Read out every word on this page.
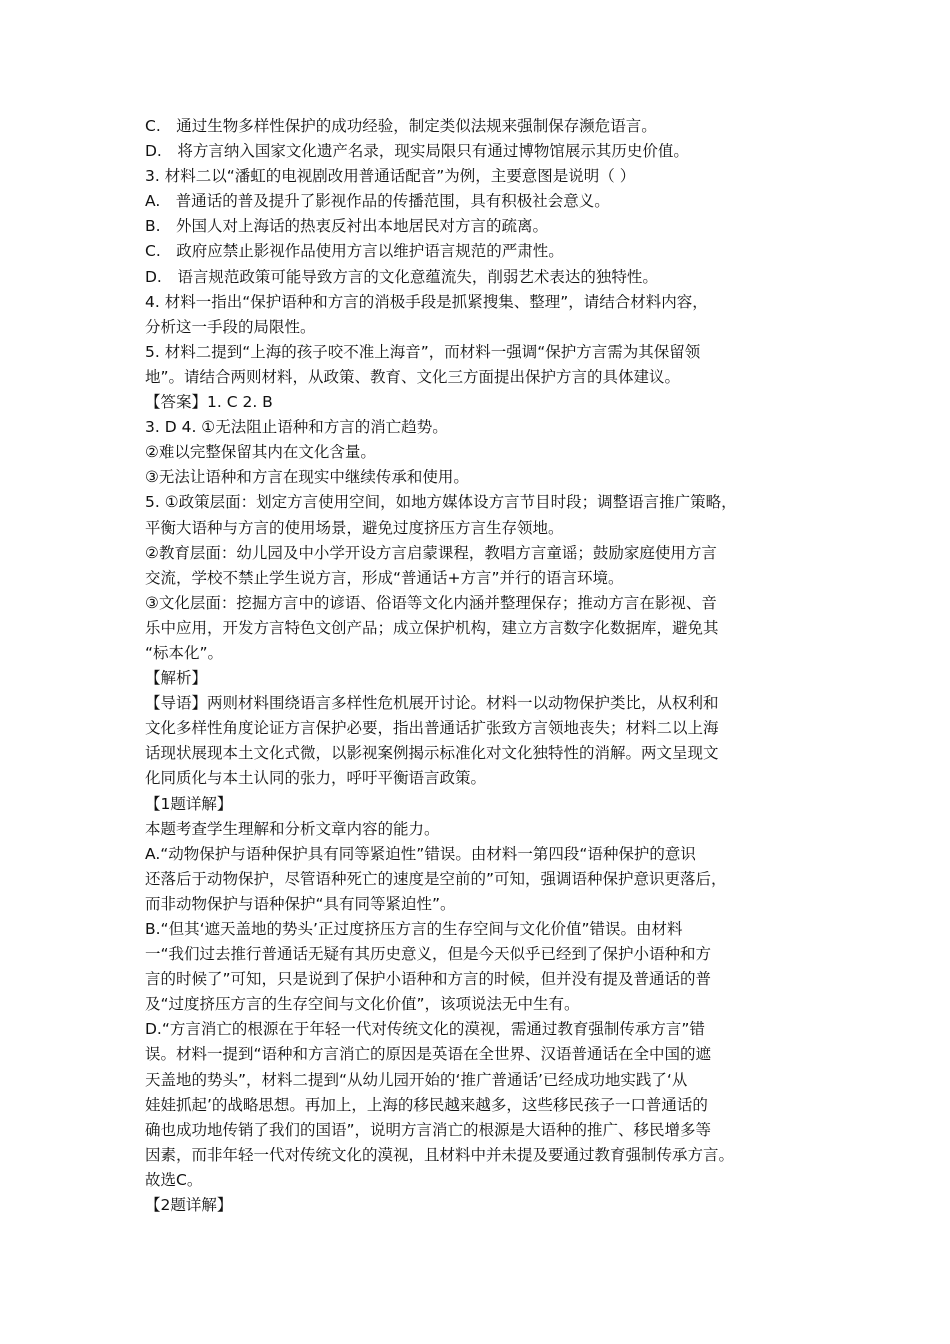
C.　通过生物多样性保护的成功经验，制定类似法规来强制保存濒危语言。
D.　将方言纳入国家文化遗产名录，现实局限只有通过博物馆展示其历史价值。
3. 材料二以“潘虹的电视剧改用普通话配音”为例，主要意图是说明（ ）
A.　普通话的普及提升了影视作品的传播范围，具有积极社会意义。
B.　外国人对上海话的热衷反衬出本地居民对方言的疏离。
C.　政府应禁止影视作品使用方言以维护语言规范的严肃性。
D.　语言规范政策可能导致方言的文化意蕴流失，削弱艺术表达的独特性。
4. 材料一指出“保护语种和方言的消极手段是抓紧搜集、整理”，请结合材料内容，
分析这一手段的局限性。
5. 材料二提到“上海的孩子咬不准上海音”，而材料一强调“保护方言需为其保留领
地”。请结合两则材料，从政策、教育、文化三方面提出保护方言的具体建议。
【答案】1. C 2. B
3. D 4. ①无法阻止语种和方言的消亡趋势。
②难以完整保留其内在文化含量。
③无法让语种和方言在现实中继续传承和使用。
5. ①政策层面：划定方言使用空间，如地方媒体设方言节目时段；调整语言推广策略，
平衡大语种与方言的使用场景，避免过度挤压方言生存领地。
②教育层面：幼儿园及中小学开设方言启蒙课程，教唱方言童谣；鼓励家庭使用方言
交流，学校不禁止学生说方言，形成“普通话+方言”并行的语言环境。
③文化层面：挖掘方言中的谚语、俗语等文化内涵并整理保存；推动方言在影视、音
乐中应用，开发方言特色文创产品；成立保护机构，建立方言数字化数据库，避免其
“标本化”。
【解析】
【导语】两则材料围绕语言多样性危机展开讨论。材料一以动物保护类比，从权利和
文化多样性角度论证方言保护必要，指出普通话扩张致方言领地丧失；材料二以上海
话现状展现本土文化式微，以影视案例揭示标准化对文化独特性的消解。两文呈现文
化同质化与本土认同的张力，呼吁平衡语言政策。
【1题详解】
本题考查学生理解和分析文章内容的能力。
A.“动物保护与语种保护具有同等紧迫性”错误。由材料一第四段“语种保护的意识
还落后于动物保护，尽管语种死亡的速度是空前的”可知，强调语种保护意识更落后，
而非动物保护与语种保护“具有同等紧迫性”。
B.“但其‘遮天盖地的势头’正过度挤压方言的生存空间与文化价值”错误。由材料
一“我们过去推行普通话无疑有其历史意义，但是今天似乎已经到了保护小语种和方
言的时候了”可知，只是说到了保护小语种和方言的时候，但并没有提及普通话的普
及“过度挤压方言的生存空间与文化价值”，该项说法无中生有。
D.“方言消亡的根源在于年轻一代对传统文化的漠视，需通过教育强制传承方言”错
误。材料一提到“语种和方言消亡的原因是英语在全世界、汉语普通话在全中国的遮
天盖地的势头”，材料二提到“从幼儿园开始的‘推广普通话’已经成功地实践了‘从
娃娃抓起’的战略思想。再加上，上海的移民越来越多，这些移民孩子一口普通话的
确也成功地传销了我们的国语”，说明方言消亡的根源是大语种的推广、移民增多等
因素，而非年轻一代对传统文化的漠视，且材料中并未提及要通过教育强制传承方言。
故选C。
【2题详解】
